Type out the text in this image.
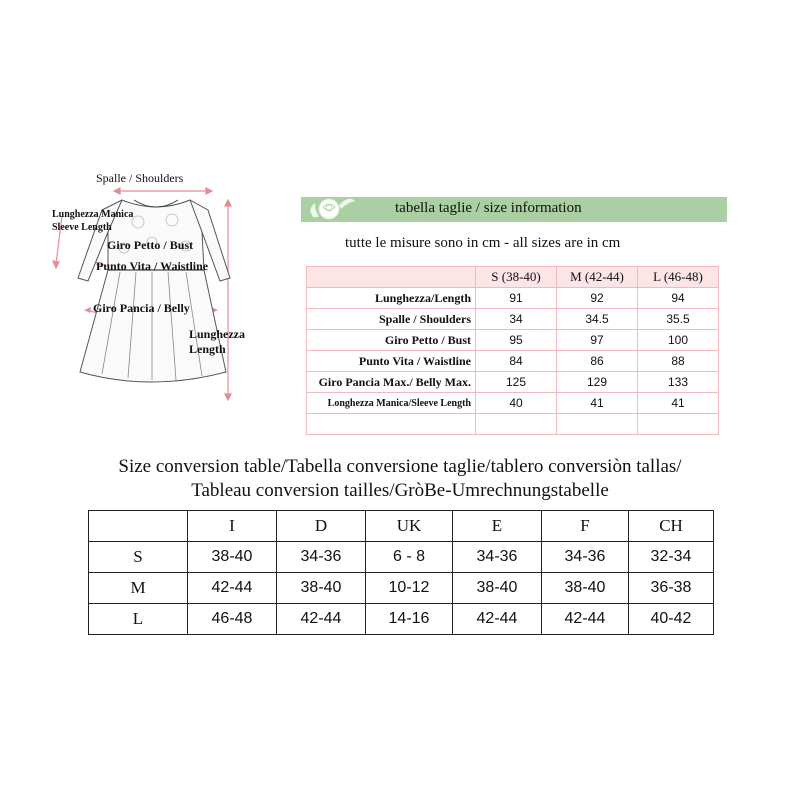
Spalle / Shoulders
Lunghezza Manica
Sleeve Length
Giro Petto / Bust
Punto Vita / Waistline
Giro Pancia / Belly
Lunghezza
Length
tabella taglie / size information
tutte le misure sono in cm - all sizes are in cm
	S (38-40)	M (42-44)	L (46-48)
Lunghezza/Length	91	92	94
Spalle / Shoulders	34	34.5	35.5
Giro Petto / Bust	95	97	100
Punto Vita / Waistline	84	86	88
Giro Pancia Max./ Belly Max.	125	129	133
Longhezza Manica/Sleeve Length	40	41	41

Size conversion table/Tabella conversione taglie/tablero conversiòn tallas/
Tableau conversion tailles/GròBe-Umrechnungstabelle
	I	D	UK	E	F	CH
S	38-40	34-36	6 - 8	34-36	34-36	32-34
M	42-44	38-40	10-12	38-40	38-40	36-38
L	46-48	42-44	14-16	42-44	42-44	40-42
